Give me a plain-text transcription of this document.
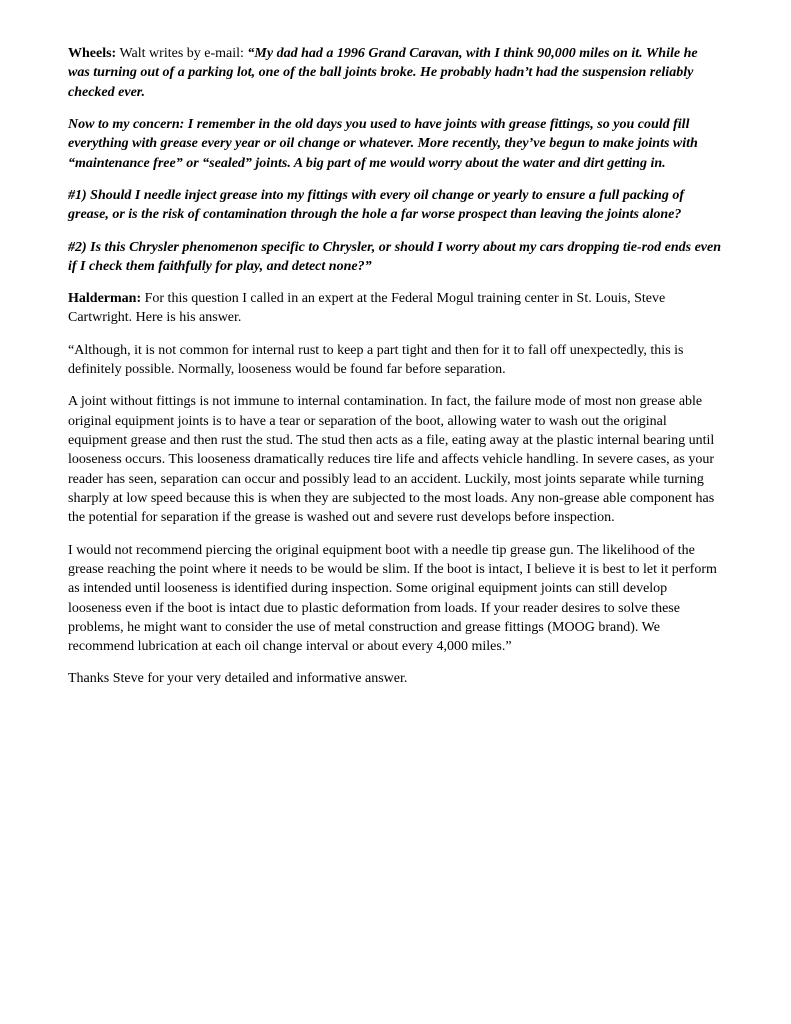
Wheels: Walt writes by e-mail: “My dad had a 1996 Grand Caravan, with I think 90,000 miles on it. While he was turning out of a parking lot, one of the ball joints broke. He probably hadn’t had the suspension reliably checked ever.

Now to my concern: I remember in the old days you used to have joints with grease fittings, so you could fill everything with grease every year or oil change or whatever. More recently, they’ve begun to make joints with “maintenance free” or “sealed” joints. A big part of me would worry about the water and dirt getting in.

#1) Should I needle inject grease into my fittings with every oil change or yearly to ensure a full packing of grease, or is the risk of contamination through the hole a far worse prospect than leaving the joints alone?

#2) Is this Chrysler phenomenon specific to Chrysler, or should I worry about my cars dropping tie-rod ends even if I check them faithfully for play, and detect none?”

Halderman: For this question I called in an expert at the Federal Mogul training center in St. Louis, Steve Cartwright. Here is his answer.

“Although, it is not common for internal rust to keep a part tight and then for it to fall off unexpectedly, this is definitely possible. Normally, looseness would be found far before separation.

A joint without fittings is not immune to internal contamination. In fact, the failure mode of most non grease able original equipment joints is to have a tear or separation of the boot, allowing water to wash out the original equipment grease and then rust the stud. The stud then acts as a file, eating away at the plastic internal bearing until looseness occurs. This looseness dramatically reduces tire life and affects vehicle handling. In severe cases, as your reader has seen, separation can occur and possibly lead to an accident. Luckily, most joints separate while turning sharply at low speed because this is when they are subjected to the most loads. Any non-grease able component has the potential for separation if the grease is washed out and severe rust develops before inspection.

I would not recommend piercing the original equipment boot with a needle tip grease gun. The likelihood of the grease reaching the point where it needs to be would be slim. If the boot is intact, I believe it is best to let it perform as intended until looseness is identified during inspection. Some original equipment joints can still develop looseness even if the boot is intact due to plastic deformation from loads. If your reader desires to solve these problems, he might want to consider the use of metal construction and grease fittings (MOOG brand). We recommend lubrication at each oil change interval or about every 4,000 miles.”

Thanks Steve for your very detailed and informative answer.
